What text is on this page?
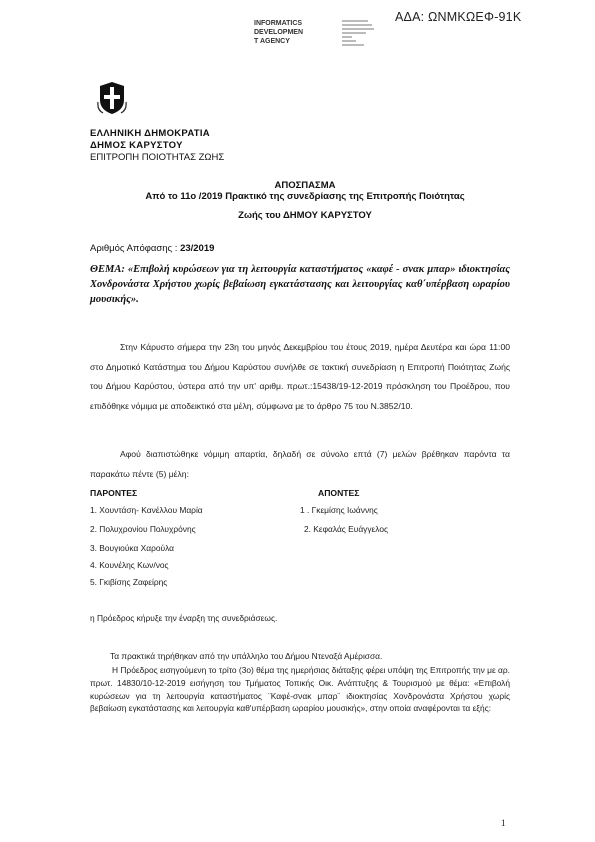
ΑΔΑ: ΩΝΜΚΩΕΦ-91Κ
INFORMATICS
DEVELOPMEN
T AGENCY
ΕΛΛΗΝΙΚΗ ΔΗΜΟΚΡΑΤΙΑ
ΔΗΜΟΣ ΚΑΡΥΣΤΟΥ
ΕΠΙΤΡΟΠΗ ΠΟΙΟΤΗΤΑΣ ΖΩΗΣ
ΑΠΟΣΠΑΣΜΑ
Από το 11ο /2019 Πρακτικό της συνεδρίασης της Επιτροπής Ποιότητας
Ζωής του ΔΗΜΟΥ ΚΑΡΥΣΤΟΥ
Αριθμός Απόφασης : 23/2019
ΘΕΜΑ: «Επιβολή κυρώσεων για τη λειτουργία καταστήματος «καφέ - σνακ μπαρ» ιδιοκτησίας Χονδρονάστα Χρήστου χωρίς βεβαίωση εγκατάστασης και λειτουργίας καθ΄υπέρβαση ωραρίου μουσικής».

Στην Κάρυστο σήμερα την 23η του μηνός Δεκεμβρίου του έτους 2019, ημέρα Δευτέρα και ώρα 11:00 στο Δημοτικό Κατάστημα του Δήμου Καρύστου συνήλθε σε τακτική συνεδρίαση η Επιτροπή Ποιότητας Ζωής του Δήμου Καρύστου, ύστερα από την υπ' αριθμ. πρωτ.:15438/19-12-2019 πρόσκληση του Προέδρου, που επιδόθηκε νόμιμα με αποδεικτικό στα μέλη, σύμφωνα με το άρθρο 75 του Ν.3852/10.

Αφού διαπιστώθηκε νόμιμη απαρτία, δηλαδή σε σύνολο επτά (7) μελών βρέθηκαν παρόντα τα παρακάτω πέντε (5) μέλη:

ΠΑΡΟΝΤΕΣ	ΑΠΟΝΤΕΣ
1. Χουντάση- Κανέλλου Μαρία
2. Πολυχρονίου Πολυχρόνης
3. Βουγιούκα Χαρούλα
4. Κουνέλης Κων/νος
5. Γκιβίσης Ζαφείρης
1 . Γκεμίσης Ιωάννης
2. Κεφαλάς Ευάγγελος
η Πρόεδρος κήρυξε την έναρξη της συνεδριάσεως.
Τα πρακτικά τηρήθηκαν από την υπάλληλο του Δήμου Ντεναξά Αμέρισσα.
Η Πρόεδρος εισηγούμενη το τρίτο (3ο) θέμα της ημερήσιας διάταξης φέρει υπόψη της Επιτροπής την με αρ. πρωτ. 14830/10-12-2019 εισήγηση του Τμήματος Τοπικής Οικ. Ανάπτυξης & Τουρισμού με θέμα: «Επιβολή κυρώσεων για τη λειτουργία καταστήματος ¨Καφέ-σνακ μπαρ¨ ιδιοκτησίας Χονδρονάστα Χρήστου χωρίς βεβαίωση εγκατάστασης και λειτουργία καθ'υπέρβαση ωραρίου μουσικής», στην οποία αναφέρονται τα εξής:
1
